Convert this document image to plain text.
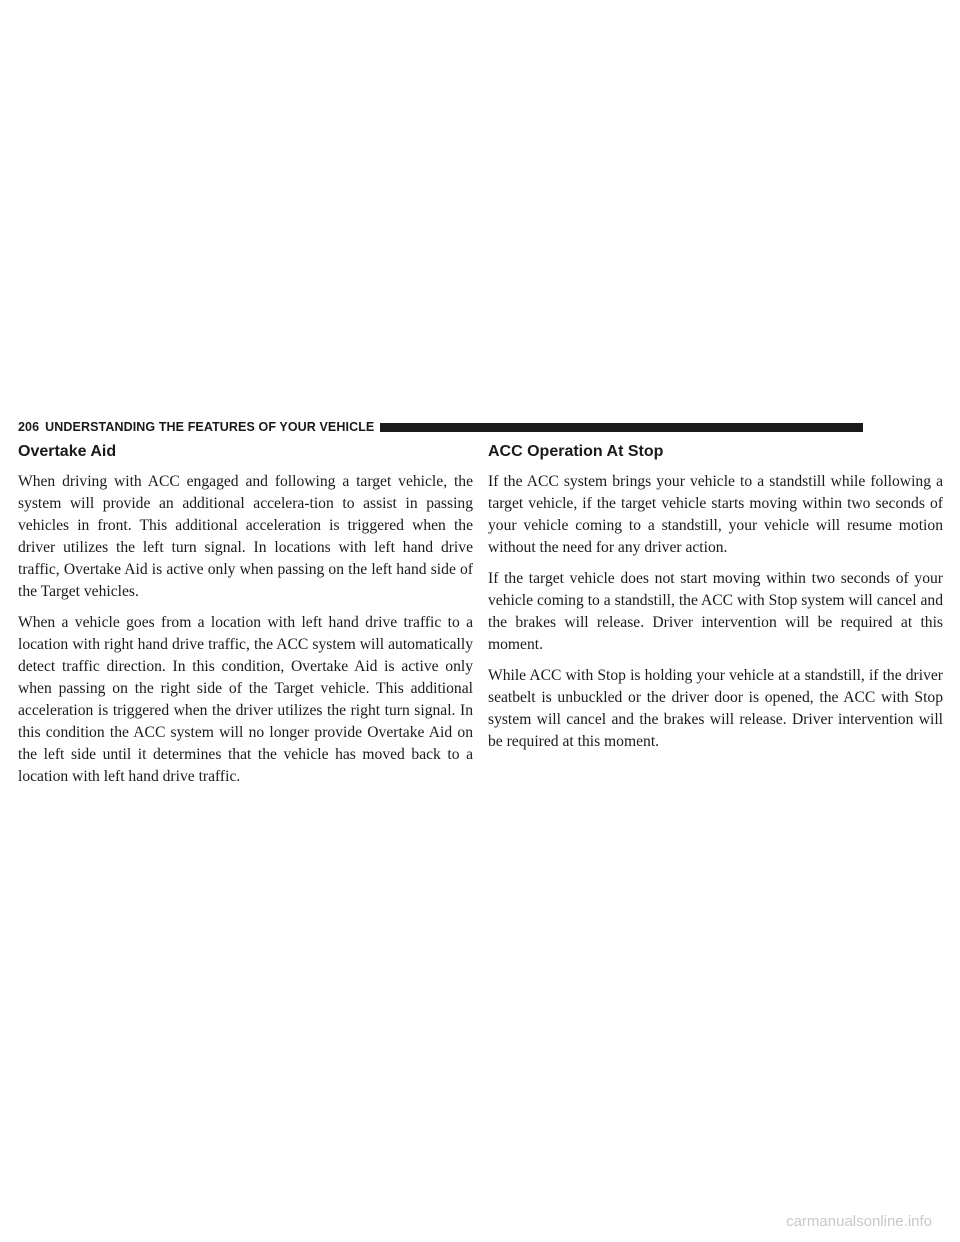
206 UNDERSTANDING THE FEATURES OF YOUR VEHICLE
Overtake Aid

When driving with ACC engaged and following a target vehicle, the system will provide an additional accelera-tion to assist in passing vehicles in front. This additional acceleration is triggered when the driver utilizes the left turn signal. In locations with left hand drive traffic, Overtake Aid is active only when passing on the left hand side of the Target vehicles.

When a vehicle goes from a location with left hand drive traffic to a location with right hand drive traffic, the ACC system will automatically detect traffic direction. In this condition, Overtake Aid is active only when passing on the right side of the Target vehicle. This additional acceleration is triggered when the driver utilizes the right turn signal. In this condition the ACC system will no longer provide Overtake Aid on the left side until it determines that the vehicle has moved back to a location with left hand drive traffic.

ACC Operation At Stop

If the ACC system brings your vehicle to a standstill while following a target vehicle, if the target vehicle starts moving within two seconds of your vehicle coming to a standstill, your vehicle will resume motion without the need for any driver action.

If the target vehicle does not start moving within two seconds of your vehicle coming to a standstill, the ACC with Stop system will cancel and the brakes will release. Driver intervention will be required at this moment.

While ACC with Stop is holding your vehicle at a standstill, if the driver seatbelt is unbuckled or the driver door is opened, the ACC with Stop system will cancel and the brakes will release. Driver intervention will be required at this moment.

carmanualsonline.info
